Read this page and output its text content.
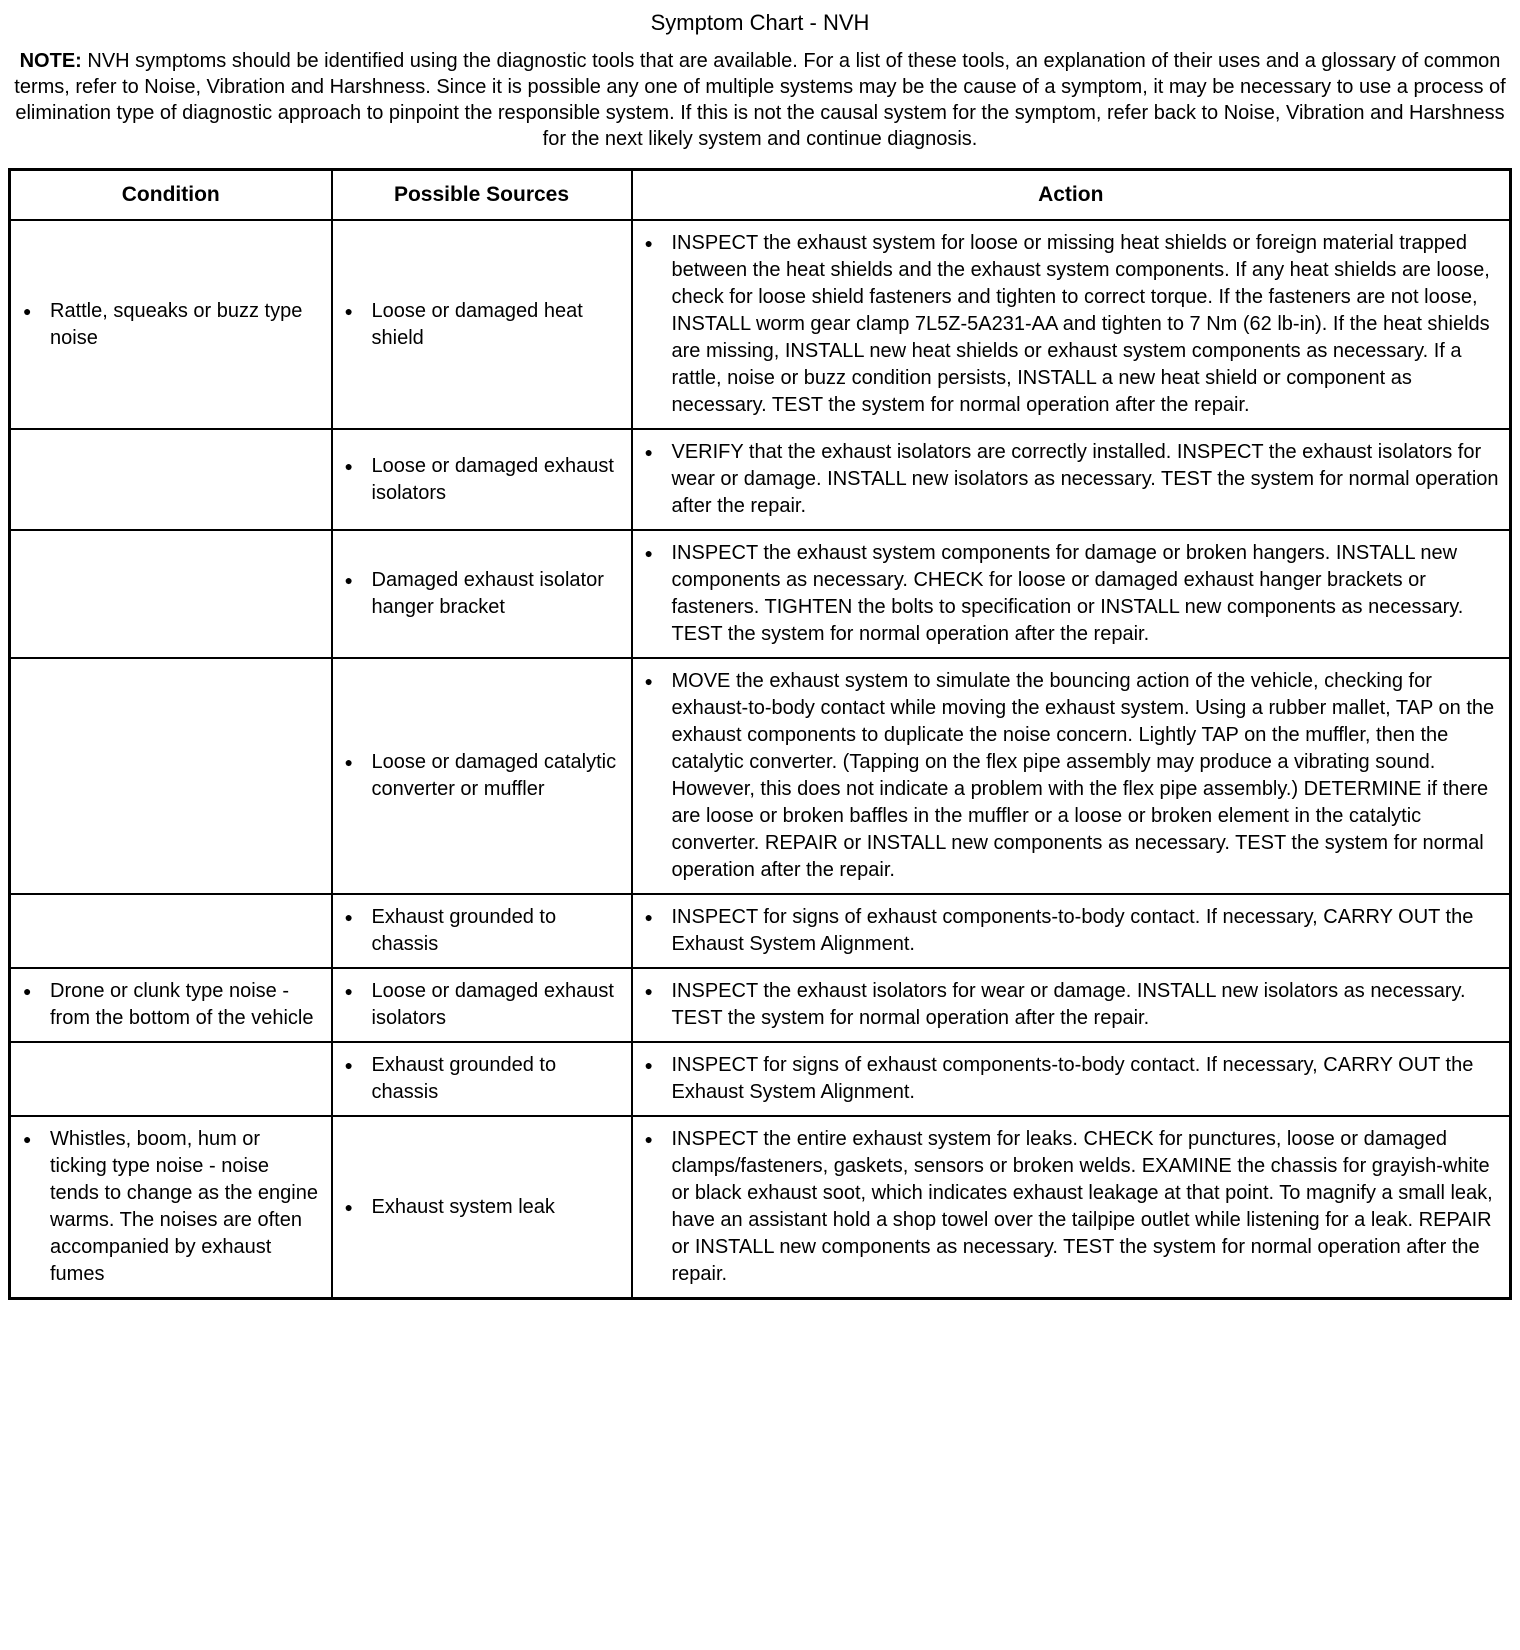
Symptom Chart - NVH

NOTE: NVH symptoms should be identified using the diagnostic tools that are available. For a list of these tools, an explanation of their uses and a glossary of common terms, refer to Noise, Vibration and Harshness. Since it is possible any one of multiple systems may be the cause of a symptom, it may be necessary to use a process of elimination type of diagnostic approach to pinpoint the responsible system. If this is not the causal system for the symptom, refer back to Noise, Vibration and Harshness for the next likely system and continue diagnosis.

Condition	Possible Sources	Action

● Rattle, squeaks or buzz type noise	● Loose or damaged heat shield	● INSPECT the exhaust system for loose or missing heat shields or foreign material trapped between the heat shields and the exhaust system components. If any heat shields are loose, check for loose shield fasteners and tighten to correct torque. If the fasteners are not loose, INSTALL worm gear clamp 7L5Z-5A231-AA and tighten to 7 Nm (62 lb-in). If the heat shields are missing, INSTALL new heat shields or exhaust system components as necessary. If a rattle, noise or buzz condition persists, INSTALL a new heat shield or component as necessary. TEST the system for normal operation after the repair.

	● Loose or damaged exhaust isolators	● VERIFY that the exhaust isolators are correctly installed. INSPECT the exhaust isolators for wear or damage. INSTALL new isolators as necessary. TEST the system for normal operation after the repair.

	● Damaged exhaust isolator hanger bracket	● INSPECT the exhaust system components for damage or broken hangers. INSTALL new components as necessary. CHECK for loose or damaged exhaust hanger brackets or fasteners. TIGHTEN the bolts to specification or INSTALL new components as necessary. TEST the system for normal operation after the repair.

	● Loose or damaged catalytic converter or muffler	● MOVE the exhaust system to simulate the bouncing action of the vehicle, checking for exhaust-to-body contact while moving the exhaust system. Using a rubber mallet, TAP on the exhaust components to duplicate the noise concern. Lightly TAP on the muffler, then the catalytic converter. (Tapping on the flex pipe assembly may produce a vibrating sound. However, this does not indicate a problem with the flex pipe assembly.) DETERMINE if there are loose or broken baffles in the muffler or a loose or broken element in the catalytic converter. REPAIR or INSTALL new components as necessary. TEST the system for normal operation after the repair.

	● Exhaust grounded to chassis	● INSPECT for signs of exhaust components-to-body contact. If necessary, CARRY OUT the Exhaust System Alignment.

● Drone or clunk type noise - from the bottom of the vehicle	● Loose or damaged exhaust isolators	● INSPECT the exhaust isolators for wear or damage. INSTALL new isolators as necessary. TEST the system for normal operation after the repair.

	● Exhaust grounded to chassis	● INSPECT for signs of exhaust components-to-body contact. If necessary, CARRY OUT the Exhaust System Alignment.

● Whistles, boom, hum or ticking type noise - noise tends to change as the engine warms. The noises are often accompanied by exhaust fumes	● Exhaust system leak	● INSPECT the entire exhaust system for leaks. CHECK for punctures, loose or damaged clamps/fasteners, gaskets, sensors or broken welds. EXAMINE the chassis for grayish-white or black exhaust soot, which indicates exhaust leakage at that point. To magnify a small leak, have an assistant hold a shop towel over the tailpipe outlet while listening for a leak. REPAIR or INSTALL new components as necessary. TEST the system for normal operation after the repair.
